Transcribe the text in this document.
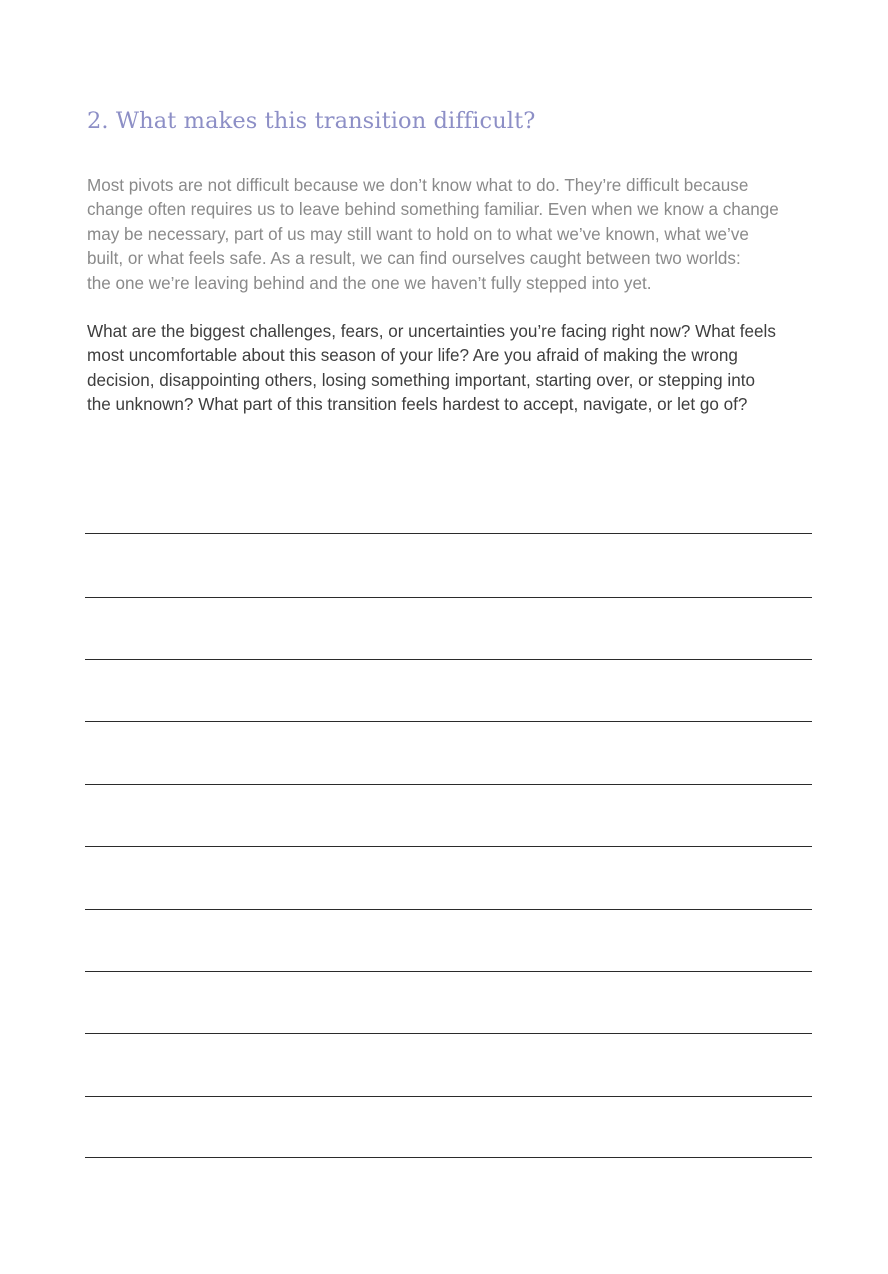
2. What makes this transition difficult?

Most pivots are not difficult because we don’t know what to do. They’re difficult because
change often requires us to leave behind something familiar. Even when we know a change
may be necessary, part of us may still want to hold on to what we’ve known, what we’ve
built, or what feels safe. As a result, we can find ourselves caught between two worlds:
the one we’re leaving behind and the one we haven’t fully stepped into yet.

What are the biggest challenges, fears, or uncertainties you’re facing right now? What feels
most uncomfortable about this season of your life? Are you afraid of making the wrong
decision, disappointing others, losing something important, starting over, or stepping into
the unknown? What part of this transition feels hardest to accept, navigate, or let go of?
